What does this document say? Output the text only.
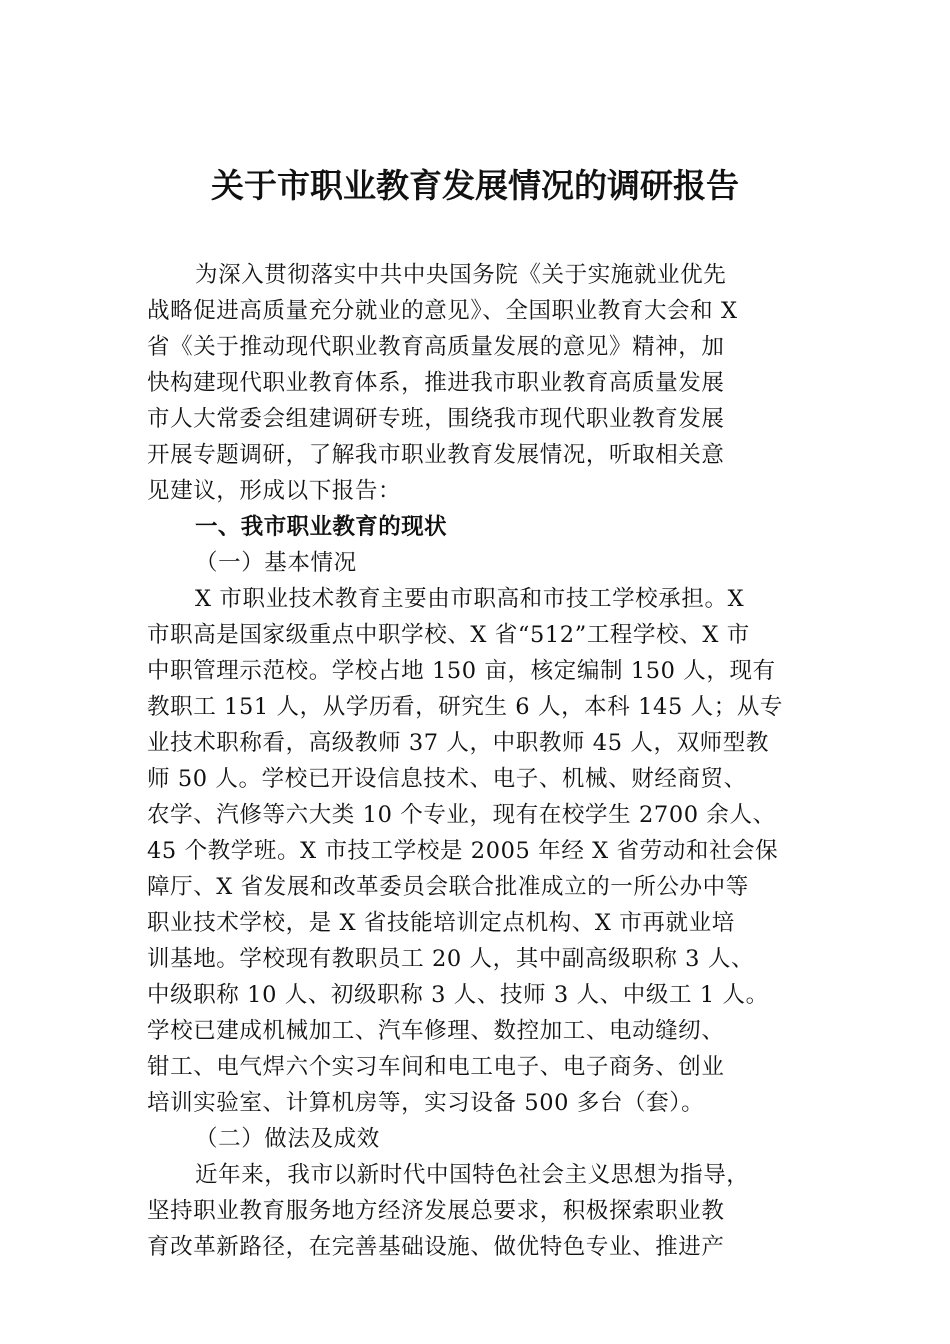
关于市职业教育发展情况的调研报告
为深入贯彻落实中共中央国务院《关于实施就业优先
战略促进高质量充分就业的意见》、全国职业教育大会和 X
省《关于推动现代职业教育高质量发展的意见》精神，加
快构建现代职业教育体系，推进我市职业教育高质量发展
市人大常委会组建调研专班，围绕我市现代职业教育发展
开展专题调研，了解我市职业教育发展情况，听取相关意
见建议，形成以下报告：
一、我市职业教育的现状
（一）基本情况
X 市职业技术教育主要由市职高和市技工学校承担。X
市职高是国家级重点中职学校、X 省“512”工程学校、X 市
中职管理示范校。学校占地 150 亩，核定编制 150 人，现有
教职工 151 人，从学历看，研究生 6 人，本科 145 人；从专
业技术职称看，高级教师 37 人，中职教师 45 人，双师型教
师 50 人。学校已开设信息技术、电子、机械、财经商贸、
农学、汽修等六大类 10 个专业，现有在校学生 2700 余人、
45 个教学班。X 市技工学校是 2005 年经 X 省劳动和社会保
障厅、X 省发展和改革委员会联合批准成立的一所公办中等
职业技术学校，是 X 省技能培训定点机构、X 市再就业培
训基地。学校现有教职员工 20 人，其中副高级职称 3 人、
中级职称 10 人、初级职称 3 人、技师 3 人、中级工 1 人。
学校已建成机械加工、汽车修理、数控加工、电动缝纫、
钳工、电气焊六个实习车间和电工电子、电子商务、创业
培训实验室、计算机房等，实习设备 500 多台（套）。
（二）做法及成效
近年来，我市以新时代中国特色社会主义思想为指导，
坚持职业教育服务地方经济发展总要求，积极探索职业教
育改革新路径，在完善基础设施、做优特色专业、推进产
